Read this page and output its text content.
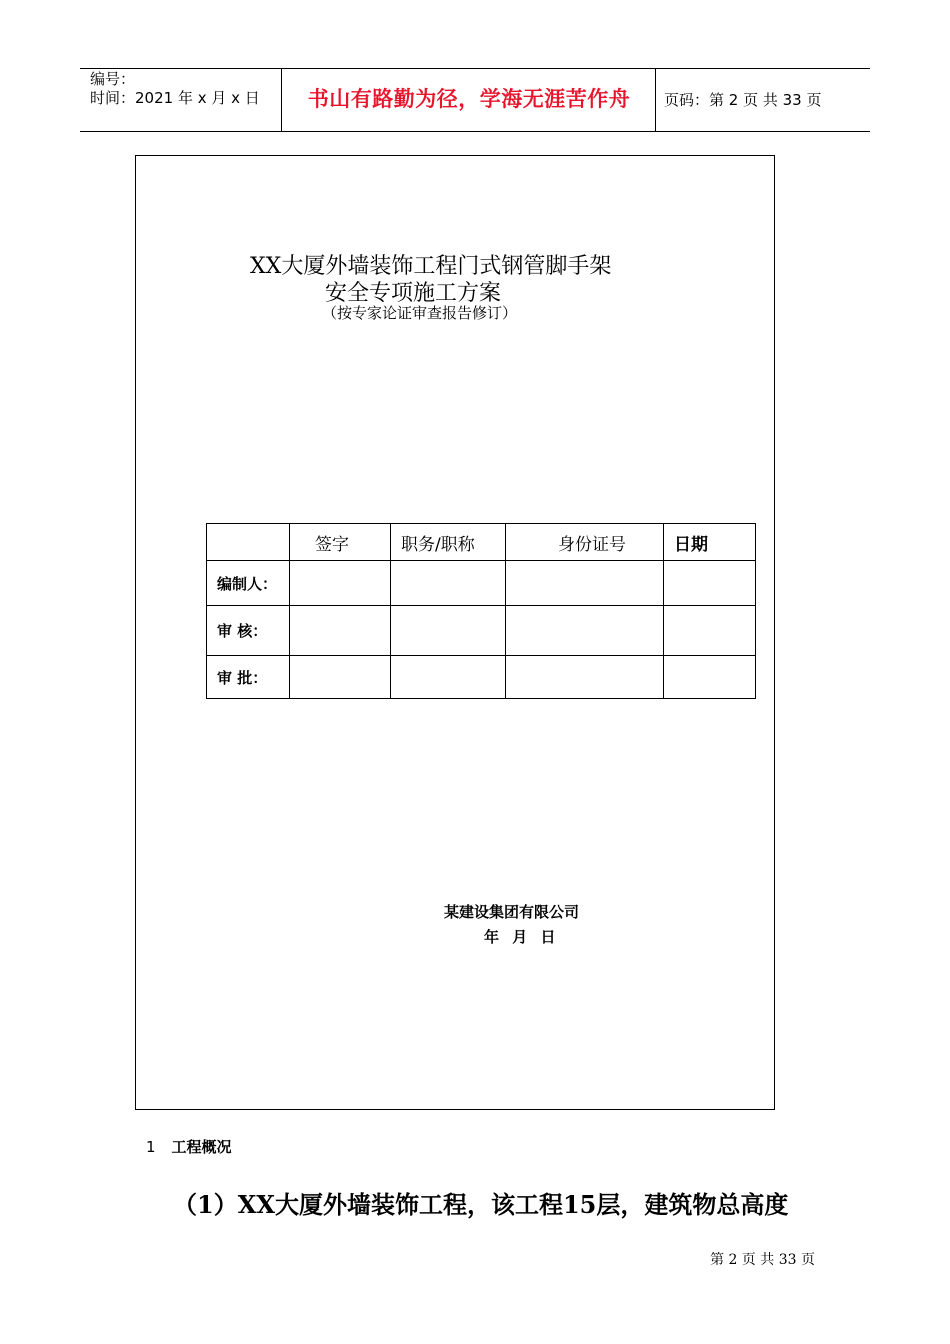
编号：
时间：2021 年 x 月 x 日	书山有路勤为径，学海无涯苦作舟	页码：第 2 页 共 33 页
XX大厦外墙装饰工程门式钢管脚手架
安全专项施工方案
（按专家论证审查报告修订）
	签字	职务/职称	身份证号	日期
编制人：				
审 核：				
审 批：				
某建设集团有限公司
年 月 日
1 工程概况
（1）XX大厦外墙装饰工程，该工程15层，建筑物总高度
第 2 页 共 33 页
